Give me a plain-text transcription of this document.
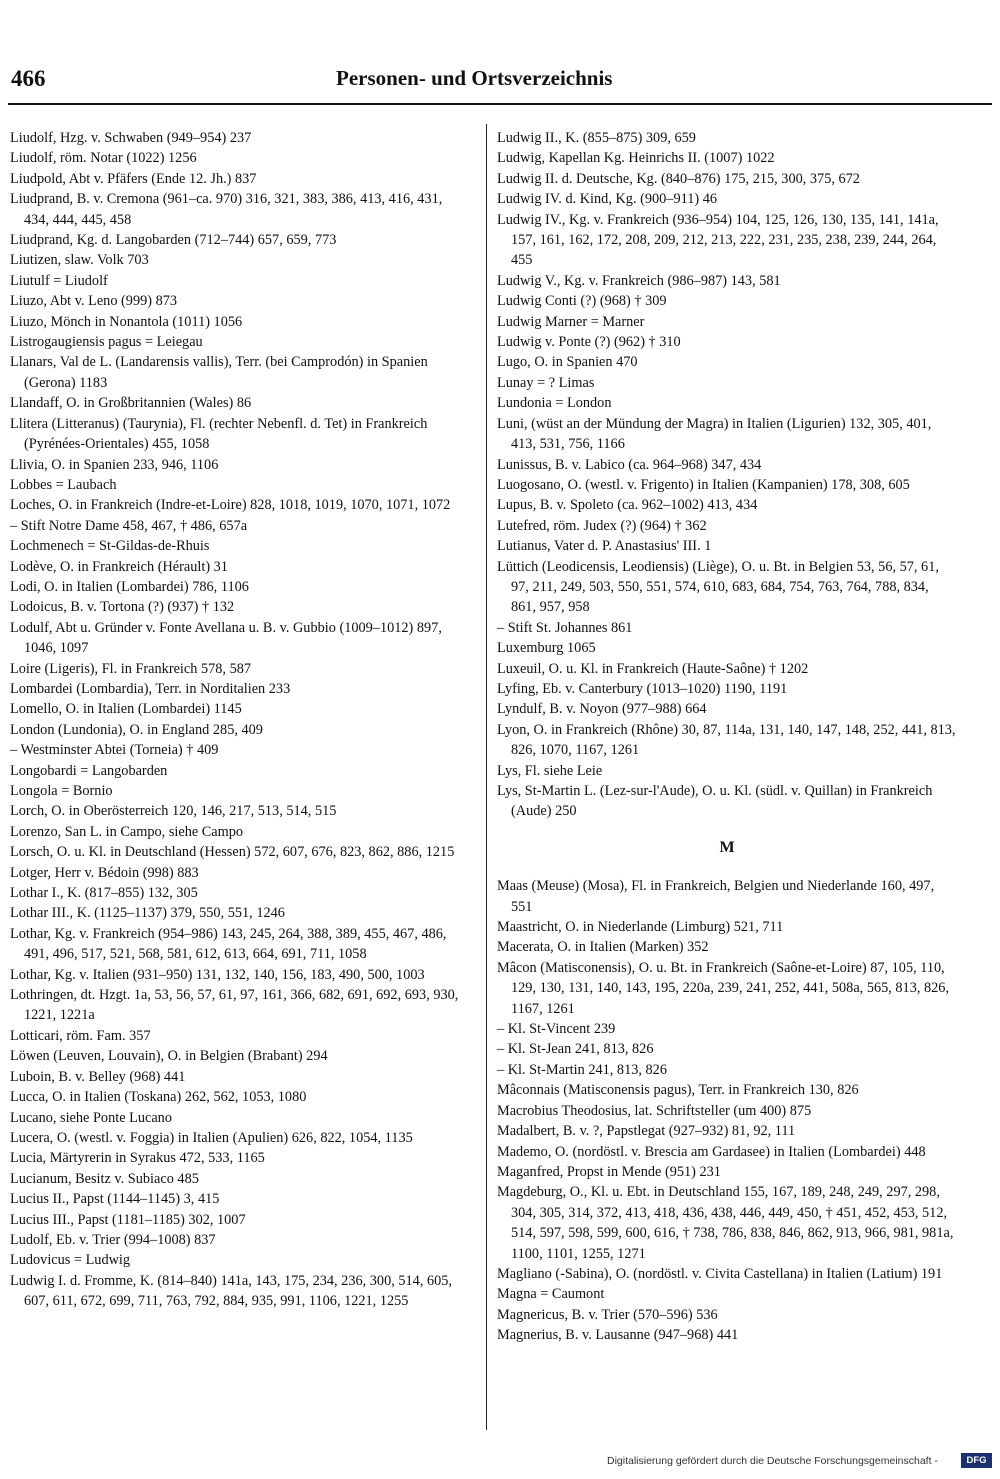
466	Personen- und Ortsverzeichnis

Liudolf, Hzg. v. Schwaben (949–954) 237

Liudolf, röm. Notar (1022) 1256

Liudpold, Abt v. Pfäfers (Ende 12. Jh.) 837

Liudprand, B. v. Cremona (961–ca. 970) 316, 321, 383, 386, 413, 416, 431, 434, 444, 445, 458

Liudprand, Kg. d. Langobarden (712–744) 657, 659, 773

Liutizen, slaw. Volk 703

Liutulf = Liudolf

Liuzo, Abt v. Leno (999) 873

Liuzo, Mönch in Nonantola (1011) 1056

Listrogaugiensis pagus = Leiegau

Llanars, Val de L. (Landarensis vallis), Terr. (bei Camprodón) in Spanien (Gerona) 1183

Llandaff, O. in Großbritannien (Wales) 86

Llitera (Litteranus) (Taurynia), Fl. (rechter Nebenfl. d. Tet) in Frankreich (Pyrénées-Orientales) 455, 1058

Llivia, O. in Spanien 233, 946, 1106

Lobbes = Laubach

Loches, O. in Frankreich (Indre-et-Loire) 828, 1018, 1019, 1070, 1071, 1072

– Stift Notre Dame 458, 467, † 486, 657a

Lochmenech = St-Gildas-de-Rhuis

Lodève, O. in Frankreich (Hérault) 31

Lodi, O. in Italien (Lombardei) 786, 1106

Lodoicus, B. v. Tortona (?) (937) † 132

Lodulf, Abt u. Gründer v. Fonte Avellana u. B. v. Gubbio (1009–1012) 897, 1046, 1097

Loire (Ligeris), Fl. in Frankreich 578, 587

Lombardei (Lombardia), Terr. in Norditalien 233

Lomello, O. in Italien (Lombardei) 1145

London (Lundonia), O. in England 285, 409

– Westminster Abtei (Torneia) † 409

Longobardi = Langobarden

Longola = Bornio

Lorch, O. in Oberösterreich 120, 146, 217, 513, 514, 515

Lorenzo, San L. in Campo, siehe Campo

Lorsch, O. u. Kl. in Deutschland (Hessen) 572, 607, 676, 823, 862, 886, 1215

Lotger, Herr v. Bédoin (998) 883

Lothar I., K. (817–855) 132, 305

Lothar III., K. (1125–1137) 379, 550, 551, 1246

Lothar, Kg. v. Frankreich (954–986) 143, 245, 264, 388, 389, 455, 467, 486, 491, 496, 517, 521, 568, 581, 612, 613, 664, 691, 711, 1058

Lothar, Kg. v. Italien (931–950) 131, 132, 140, 156, 183, 490, 500, 1003

Lothringen, dt. Hzgt. 1a, 53, 56, 57, 61, 97, 161, 366, 682, 691, 692, 693, 930, 1221, 1221a

Lotticari, röm. Fam. 357

Löwen (Leuven, Louvain), O. in Belgien (Brabant) 294

Luboin, B. v. Belley (968) 441

Lucca, O. in Italien (Toskana) 262, 562, 1053, 1080

Lucano, siehe Ponte Lucano

Lucera, O. (westl. v. Foggia) in Italien (Apulien) 626, 822, 1054, 1135

Lucia, Märtyrerin in Syrakus 472, 533, 1165

Lucianum, Besitz v. Subiaco 485

Lucius II., Papst (1144–1145) 3, 415

Lucius III., Papst (1181–1185) 302, 1007

Ludolf, Eb. v. Trier (994–1008) 837

Ludovicus = Ludwig

Ludwig I. d. Fromme, K. (814–840) 141a, 143, 175, 234, 236, 300, 514, 605, 607, 611, 672, 699, 711, 763, 792, 884, 935, 991, 1106, 1221, 1255

Ludwig II., K. (855–875) 309, 659

Ludwig, Kapellan Kg. Heinrichs II. (1007) 1022

Ludwig II. d. Deutsche, Kg. (840–876) 175, 215, 300, 375, 672

Ludwig IV. d. Kind, Kg. (900–911) 46

Ludwig IV., Kg. v. Frankreich (936–954) 104, 125, 126, 130, 135, 141, 141a, 157, 161, 162, 172, 208, 209, 212, 213, 222, 231, 235, 238, 239, 244, 264, 455

Ludwig V., Kg. v. Frankreich (986–987) 143, 581

Ludwig Conti (?) (968) † 309

Ludwig Marner = Marner

Ludwig v. Ponte (?) (962) † 310

Lugo, O. in Spanien 470

Lunay = ? Limas

Lundonia = London

Luni, (wüst an der Mündung der Magra) in Italien (Ligurien) 132, 305, 401, 413, 531, 756, 1166

Lunissus, B. v. Labico (ca. 964–968) 347, 434

Luogosano, O. (westl. v. Frigento) in Italien (Kampanien) 178, 308, 605

Lupus, B. v. Spoleto (ca. 962–1002) 413, 434

Lutefred, röm. Judex (?) (964) † 362

Lutianus, Vater d. P. Anastasius' III. 1

Lüttich (Leodicensis, Leodiensis) (Liège), O. u. Bt. in Belgien 53, 56, 57, 61, 97, 211, 249, 503, 550, 551, 574, 610, 683, 684, 754, 763, 764, 788, 834, 861, 957, 958

– Stift St. Johannes 861

Luxemburg 1065

Luxeuil, O. u. Kl. in Frankreich (Haute-Saône) † 1202

Lyfing, Eb. v. Canterbury (1013–1020) 1190, 1191

Lyndulf, B. v. Noyon (977–988) 664

Lyon, O. in Frankreich (Rhône) 30, 87, 114a, 131, 140, 147, 148, 252, 441, 813, 826, 1070, 1167, 1261

Lys, Fl. siehe Leie

Lys, St-Martin L. (Lez-sur-l'Aude), O. u. Kl. (südl. v. Quillan) in Frankreich (Aude) 250

M

Maas (Meuse) (Mosa), Fl. in Frankreich, Belgien und Niederlande 160, 497, 551

Maastricht, O. in Niederlande (Limburg) 521, 711

Macerata, O. in Italien (Marken) 352

Mâcon (Matisconensis), O. u. Bt. in Frankreich (Saône-et-Loire) 87, 105, 110, 129, 130, 131, 140, 143, 195, 220a, 239, 241, 252, 441, 508a, 565, 813, 826, 1167, 1261

– Kl. St-Vincent 239

– Kl. St-Jean 241, 813, 826

– Kl. St-Martin 241, 813, 826

Mâconnais (Matisconensis pagus), Terr. in Frankreich 130, 826

Macrobius Theodosius, lat. Schriftsteller (um 400) 875

Madalbert, B. v. ?, Papstlegat (927–932) 81, 92, 111

Mademo, O. (nordöstl. v. Brescia am Gardasee) in Italien (Lombardei) 448

Maganfred, Propst in Mende (951) 231

Magdeburg, O., Kl. u. Ebt. in Deutschland 155, 167, 189, 248, 249, 297, 298, 304, 305, 314, 372, 413, 418, 436, 438, 446, 449, 450, † 451, 452, 453, 512, 514, 597, 598, 599, 600, 616, † 738, 786, 838, 846, 862, 913, 966, 981, 981a, 1100, 1101, 1255, 1271

Magliano (-Sabina), O. (nordöstl. v. Civita Castellana) in Italien (Latium) 191

Magna = Caumont

Magnericus, B. v. Trier (570–596) 536

Magnerius, B. v. Lausanne (947–968) 441

Digitalisierung gefördert durch die Deutsche Forschungsgemeinschaft -	DFG
